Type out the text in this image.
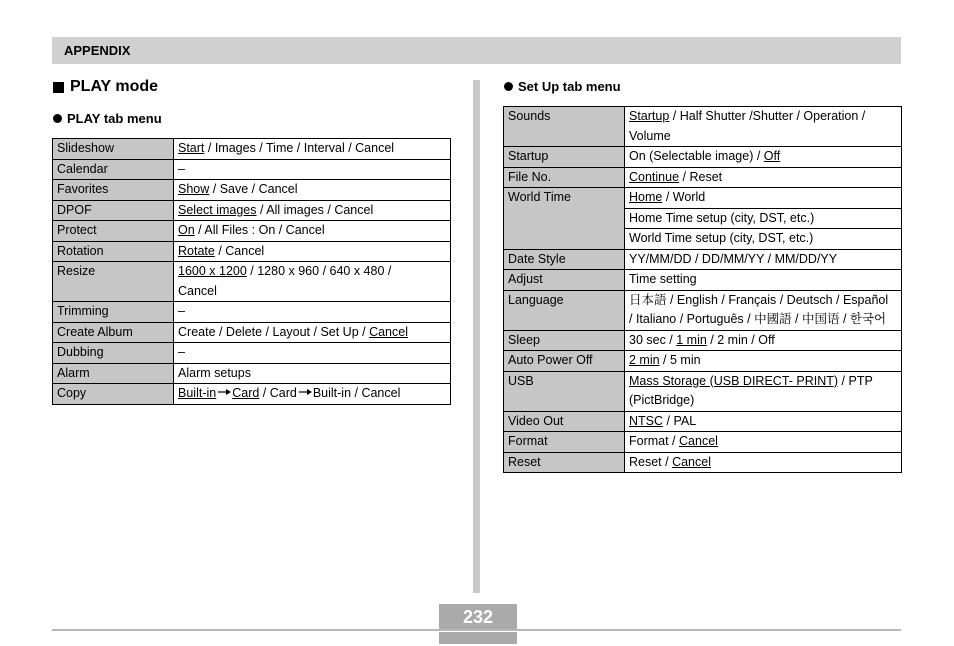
APPENDIX
PLAY mode
PLAY tab menu
Slideshow	Start / Images / Time / Interval / Cancel

Calendar	–

Favorites	Show / Save / Cancel

DPOF	Select images / All images / Cancel

Protect	On / All Files : On / Cancel

Rotation	Rotate / Cancel

Resize	1600 x 1200 / 1280 x 960 / 640 x 480 / Cancel

Trimming	–

Create Album	Create / Delete / Layout / Set Up / Cancel

Dubbing	–

Alarm	Alarm setups

Copy	Built-in Card / Card Built-in / Cancel
Set Up tab menu
Sounds	Startup / Half Shutter /Shutter / Operation / Volume

Startup	On (Selectable image) / Off

File No.	Continue / Reset

World Time	Home / World

	Home Time setup (city, DST, etc.)

	World Time setup (city, DST, etc.)

Date Style	YY/MM/DD / DD/MM/YY / MM/DD/YY

Adjust	Time setting

Language	日本語 / English / Français / Deutsch / Español / Italiano / Português / 中國語 / 中国语 / 한국어

Sleep	30 sec / 1 min / 2 min / Off

Auto Power Off	2 min / 5 min

USB	Mass Storage (USB DIRECT- PRINT) / PTP (PictBridge)

Video Out	NTSC / PAL

Format	Format / Cancel

Reset	Reset / Cancel
232
